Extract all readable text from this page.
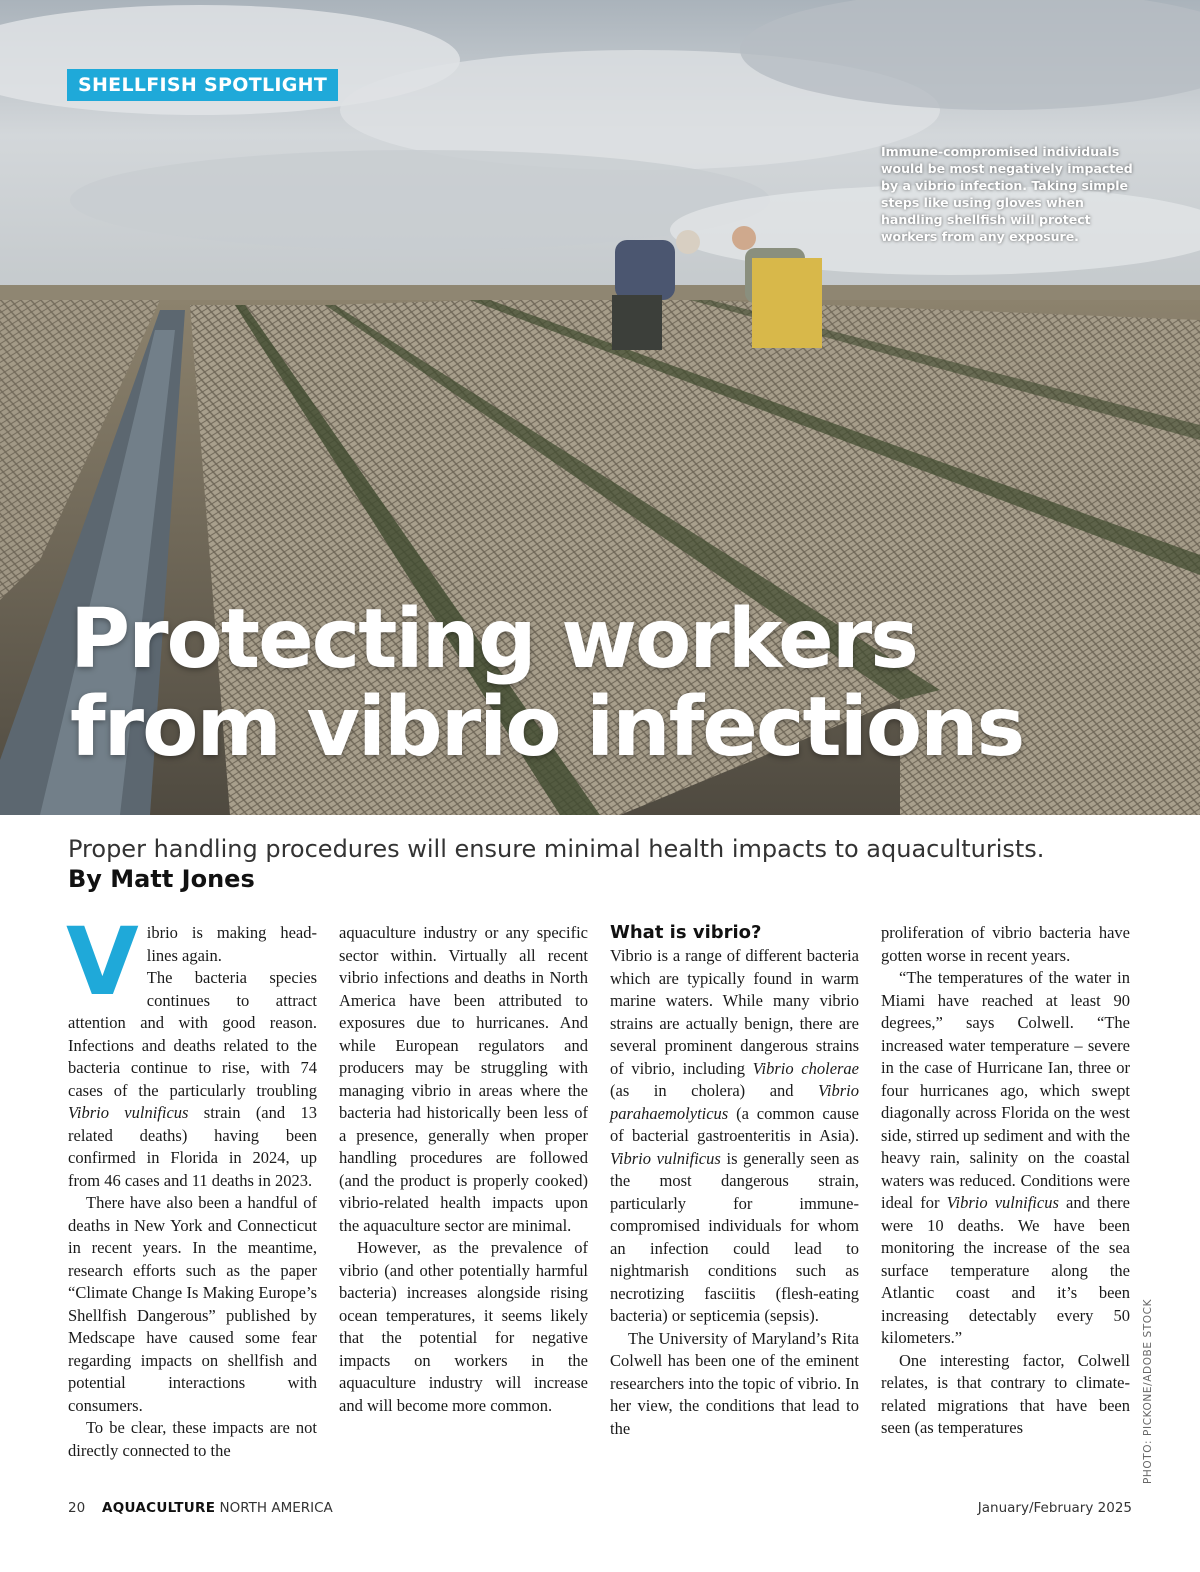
SHELLFISH SPOTLIGHT
Immune-compromised individuals would be most negatively impacted by a vibrio infection. Taking simple steps like using gloves when handling shellfish will protect workers from any exposure.
Protecting workers
from vibrio infections
Proper handling procedures will ensure minimal health impacts to aquaculturists.
By Matt Jones

Vibrio is making head-lines again.
The bacteria species continues to attract attention and with good reason. Infections and deaths related to the bacteria continue to rise, with 74 cases of the particularly troubling Vibrio vulnificus strain (and 13 related deaths) having been confirmed in Florida in 2024, up from 46 cases and 11 deaths in 2023.

There have also been a handful of deaths in New York and Connecticut in recent years. In the meantime, research efforts such as the paper “Climate Change Is Making Europe’s Shellfish Dangerous” published by Medscape have caused some fear regarding impacts on shellfish and potential interactions with consumers.

To be clear, these impacts are not directly connected to the

aquaculture industry or any specific sector within. Virtually all recent vibrio infections and deaths in North America have been attributed to exposures due to hurricanes. And while European regulators and producers may be struggling with managing vibrio in areas where the bacteria had historically been less of a presence, generally when proper handling procedures are followed (and the product is properly cooked) vibrio-related health impacts upon the aquaculture sector are minimal.

However, as the prevalence of vibrio (and other potentially harmful bacteria) increases alongside rising ocean temperatures, it seems likely that the potential for negative impacts on workers in the aquaculture industry will increase and will become more common.

What is vibrio?

Vibrio is a range of different bacteria which are typically found in warm marine waters. While many vibrio strains are actually benign, there are several prominent dangerous strains of vibrio, including Vibrio cholerae (as in cholera) and Vibrio parahaemolyticus (a common cause of bacterial gastroenteritis in Asia). Vibrio vulnificus is generally seen as the most dangerous strain, particularly for immune-compromised individuals for whom an infection could lead to nightmarish conditions such as necrotizing fasciitis (flesh-eating bacteria) or septicemia (sepsis).

The University of Maryland’s Rita Colwell has been one of the eminent researchers into the topic of vibrio. In her view, the conditions that lead to the

proliferation of vibrio bacteria have gotten worse in recent years.

“The temperatures of the water in Miami have reached at least 90 degrees,” says Colwell. “The increased water temperature – severe in the case of Hurricane Ian, three or four hurricanes ago, which swept diagonally across Florida on the west side, stirred up sediment and with the heavy rain, salinity on the coastal waters was reduced. Conditions were ideal for Vibrio vulnificus and there were 10 deaths. We have been monitoring the increase of the sea surface temperature along the Atlantic coast and it’s been increasing detectably every 50 kilometers.”

One interesting factor, Colwell relates, is that contrary to climate-related migrations that have been seen (as temperatures	PHOTO: PICKONE/ADOBE STOCK
20 AQUACULTURE NORTH AMERICA	January/February 2025
